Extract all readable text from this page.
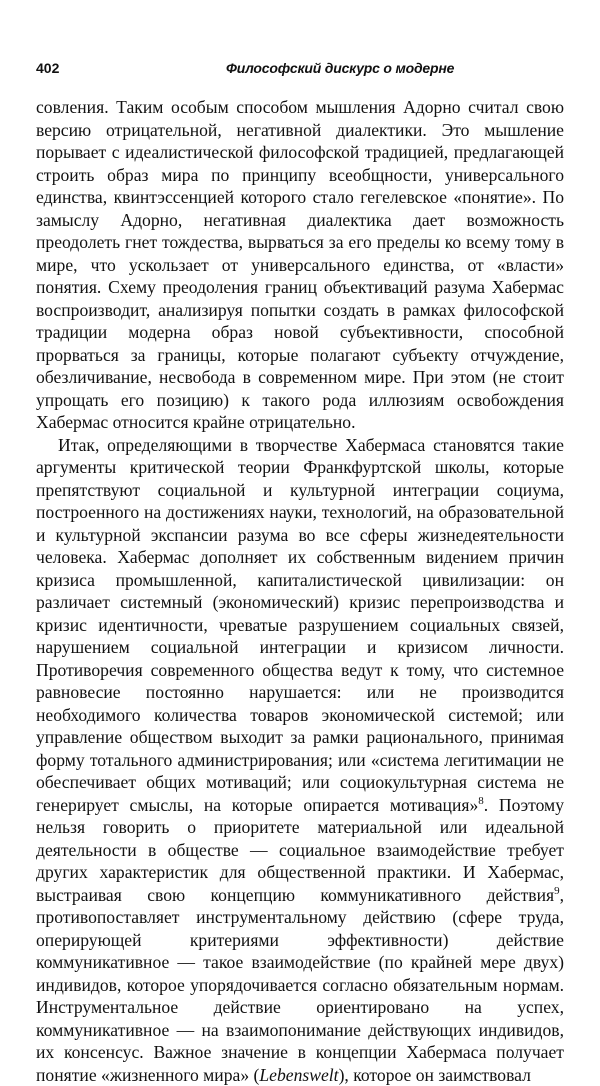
402	Философский дискурс о модерне

совления. Таким особым способом мышления Адорно считал свою версию отрицательной, негативной диалектики. Это мышление порывает с идеалистической философской традицией, предлагающей строить образ мира по принципу всеобщности, универсального единства, квинтэссенцией которого стало гегелевское «понятие». По замыслу Адорно, негативная диалектика дает возможность преодолеть гнет тождества, вырваться за его пределы ко всему тому в мире, что ускользает от универсального единства, от «власти» понятия. Схему преодоления границ объективаций разума Хабермас воспроизводит, анализируя попытки создать в рамках философской традиции модерна образ новой субъективности, способной прорваться за границы, которые полагают субъекту отчуждение, обезличивание, несвобода в современном мире. При этом (не стоит упрощать его позицию) к такого рода иллюзиям освобождения Хабермас относится крайне отрицательно.

Итак, определяющими в творчестве Хабермаса становятся такие аргументы критической теории Франкфуртской школы, которые препятствуют социальной и культурной интеграции социума, построенного на достижениях науки, технологий, на образовательной и культурной экспансии разума во все сферы жизнедеятельности человека. Хабермас дополняет их собственным видением причин кризиса промышленной, капиталистической цивилизации: он различает системный (экономический) кризис перепроизводства и кризис идентичности, чреватые разрушением социальных связей, нарушением социальной интеграции и кризисом личности. Противоречия современного общества ведут к тому, что системное равновесие постоянно нарушается: или не производится необходимого количества товаров экономической системой; или управление обществом выходит за рамки рационального, принимая форму тотального администрирования; или «система легитимации не обеспечивает общих мотиваций; или социокультурная система не генерирует смыслы, на которые опирается мотивация»$^8$. Поэтому нельзя говорить о приоритете материальной или идеальной деятельности в обществе — социальное взаимодействие требует других характеристик для общественной практики. И Хабермас, выстраивая свою концепцию коммуникативного действия$^9$, противопоставляет инструментальному действию (сфере труда, оперирующей критериями эффективности) действие коммуникативное — такое взаимодействие (по крайней мере двух) индивидов, которое упорядочивается согласно обязательным нормам. Инструментальное действие ориентировано на успех, коммуникативное — на взаимопонимание действующих индивидов, их консенсус. Важное значение в концепции Хабермаса получает понятие «жизненного мира» (Lebenswelt), которое он заимствовал
